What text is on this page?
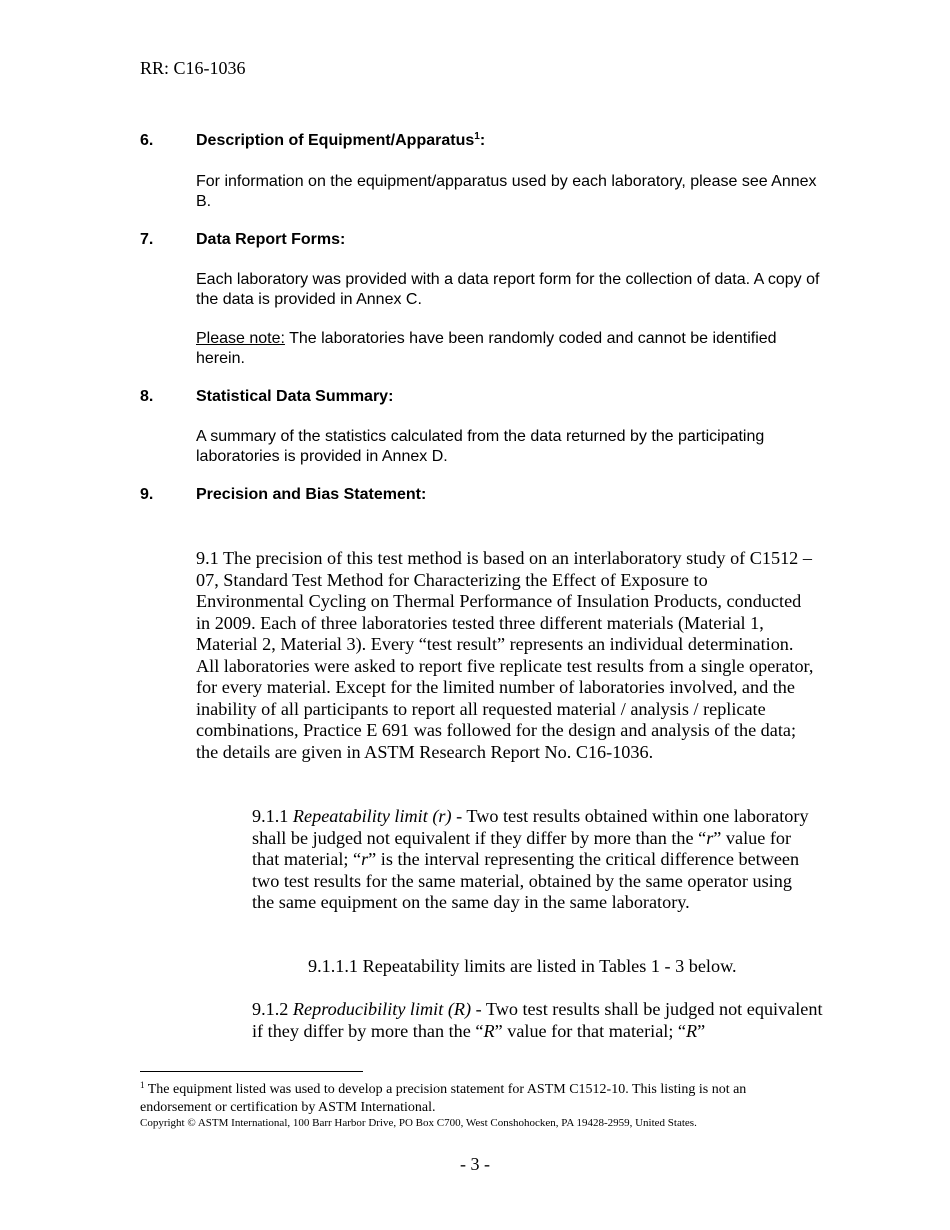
RR: C16-1036
6.	Description of Equipment/Apparatus$^1$:
For information on the equipment/apparatus used by each laboratory, please see Annex B.
7.	Data Report Forms:
Each laboratory was provided with a data report form for the collection of data. A copy of the data is provided in Annex C.
Please note: The laboratories have been randomly coded and cannot be identified herein.
8.	Statistical Data Summary:
A summary of the statistics calculated from the data returned by the participating laboratories is provided in Annex D.
9.	Precision and Bias Statement:
9.1 The precision of this test method is based on an interlaboratory study of C1512 – 07, Standard Test Method for Characterizing the Effect of Exposure to Environmental Cycling on Thermal Performance of Insulation Products, conducted in 2009. Each of three laboratories tested three different materials (Material 1, Material 2, Material 3). Every “test result” represents an individual determination. All laboratories were asked to report five replicate test results from a single operator, for every material. Except for the limited number of laboratories involved, and the inability of all participants to report all requested material / analysis / replicate combinations, Practice E 691 was followed for the design and analysis of the data; the details are given in ASTM Research Report No. C16-1036.
9.1.1 Repeatability limit (r) - Two test results obtained within one laboratory shall be judged not equivalent if they differ by more than the “r” value for that material; “r” is the interval representing the critical difference between two test results for the same material, obtained by the same operator using the same equipment on the same day in the same laboratory.
9.1.1.1 Repeatability limits are listed in Tables 1 - 3 below.
9.1.2 Reproducibility limit (R) - Two test results shall be judged not equivalent if they differ by more than the “R” value for that material; “R”
$^1$ The equipment listed was used to develop a precision statement for ASTM C1512-10. This listing is not an endorsement or certification by ASTM International.
Copyright © ASTM International, 100 Barr Harbor Drive, PO Box C700, West Conshohocken, PA 19428-2959, United States.
- 3 -
